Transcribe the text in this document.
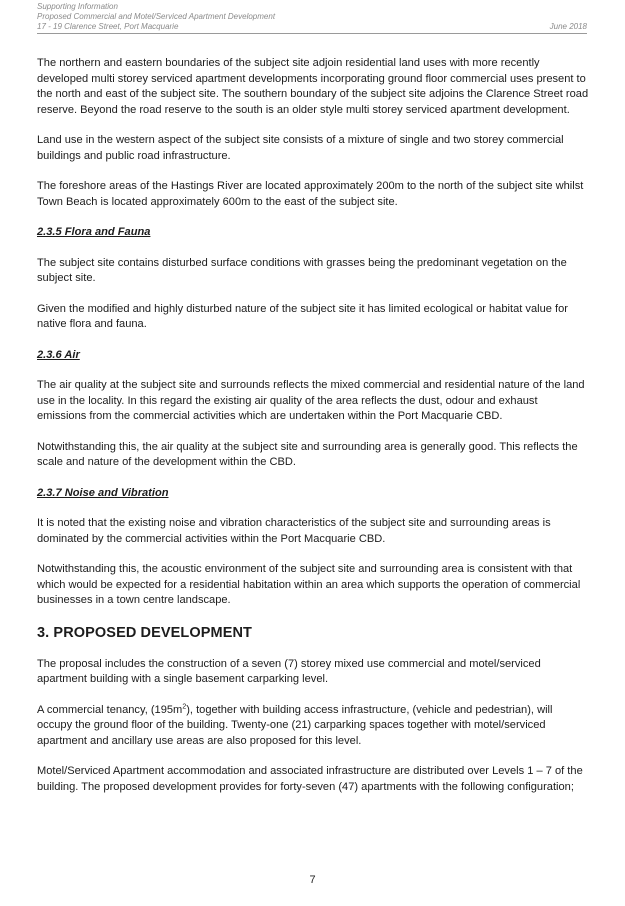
Supporting Information
Proposed Commercial and Motel/Serviced Apartment Development
17 - 19 Clarence Street, Port Macquarie	June 2018

The northern and eastern boundaries of the subject site adjoin residential land uses with more recently developed multi storey serviced apartment developments incorporating ground floor commercial uses present to the north and east of the subject site. The southern boundary of the subject site adjoins the Clarence Street road reserve. Beyond the road reserve to the south is an older style multi storey serviced apartment development.

Land use in the western aspect of the subject site consists of a mixture of single and two storey commercial buildings and public road infrastructure.

The foreshore areas of the Hastings River are located approximately 200m to the north of the subject site whilst Town Beach is located approximately 600m to the east of the subject site.

2.3.5 Flora and Fauna

The subject site contains disturbed surface conditions with grasses being the predominant vegetation on the subject site.

Given the modified and highly disturbed nature of the subject site it has limited ecological or habitat value for native flora and fauna.

2.3.6 Air

The air quality at the subject site and surrounds reflects the mixed commercial and residential nature of the land use in the locality. In this regard the existing air quality of the area reflects the dust, odour and exhaust emissions from the commercial activities which are undertaken within the Port Macquarie CBD.

Notwithstanding this, the air quality at the subject site and surrounding area is generally good. This reflects the scale and nature of the development within the CBD.

2.3.7 Noise and Vibration

It is noted that the existing noise and vibration characteristics of the subject site and surrounding areas is dominated by the commercial activities within the Port Macquarie CBD.

Notwithstanding this, the acoustic environment of the subject site and surrounding area is consistent with that which would be expected for a residential habitation within an area which supports the operation of commercial businesses in a town centre landscape.

3. PROPOSED DEVELOPMENT

The proposal includes the construction of a seven (7) storey mixed use commercial and motel/serviced apartment building with a single basement carparking level.

A commercial tenancy, $(195m^2)$, together with building access infrastructure, (vehicle and pedestrian), will occupy the ground floor of the building. Twenty-one (21) carparking spaces together with motel/serviced apartment and ancillary use areas are also proposed for this level.

Motel/Serviced Apartment accommodation and associated infrastructure are distributed over Levels 1 – 7 of the building. The proposed development provides for forty-seven (47) apartments with the following configuration;

7
